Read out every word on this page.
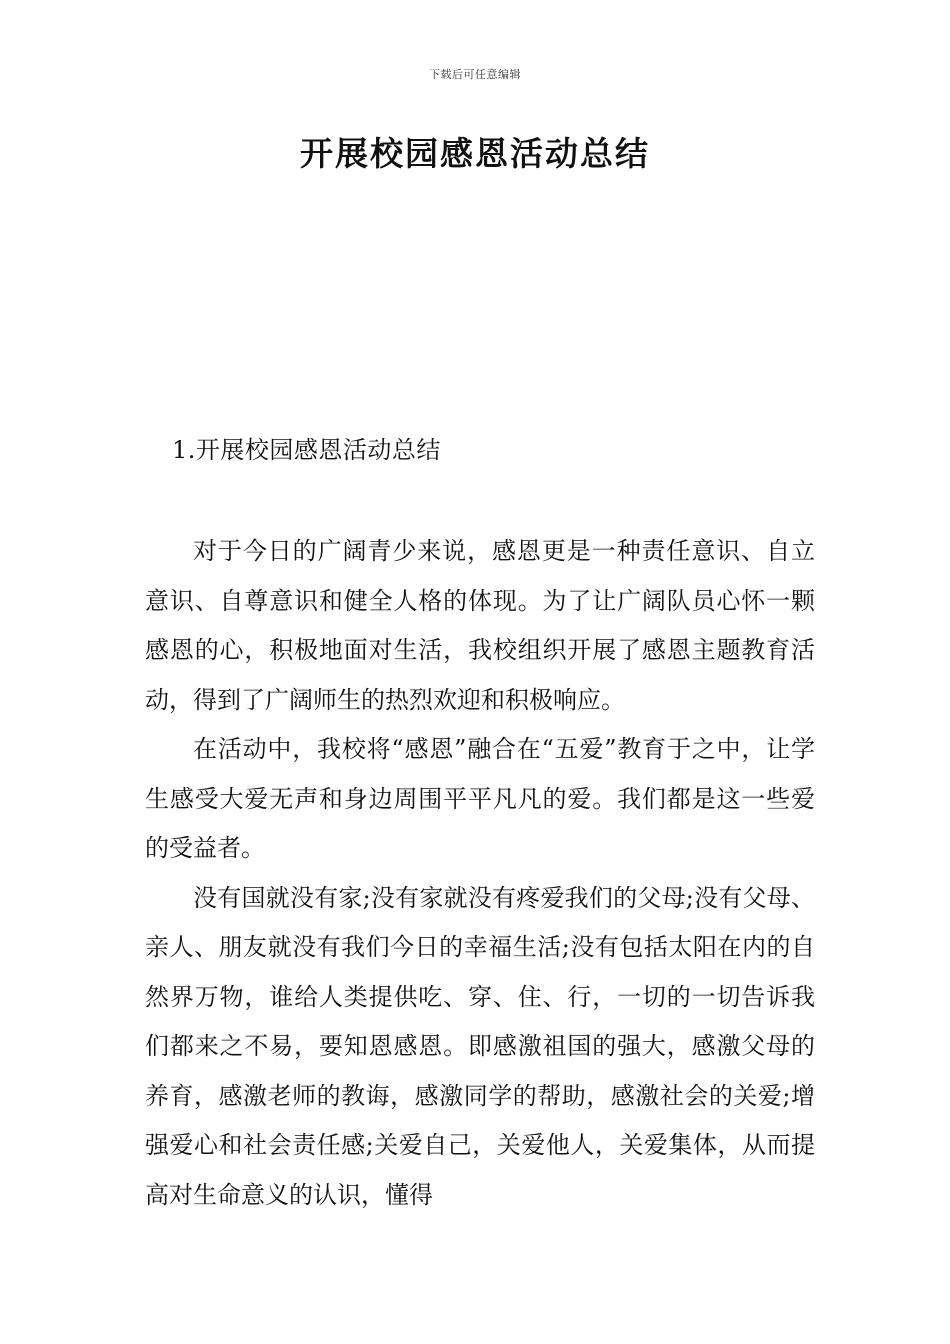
下载后可任意编辑
开展校园感恩活动总结
1.开展校园感恩活动总结

对于今日的广阔青少来说，感恩更是一种责任意识、自立意识、自尊意识和健全人格的体现。为了让广阔队员心怀一颗感恩的心，积极地面对生活，我校组织开展了感恩主题教育活动，得到了广阔师生的热烈欢迎和积极响应。

在活动中，我校将“感恩”融合在“五爱”教育于之中，让学生感受大爱无声和身边周围平平凡凡的爱。我们都是这一些爱的受益者。

没有国就没有家;没有家就没有疼爱我们的父母;没有父母、亲人、朋友就没有我们今日的幸福生活;没有包括太阳在内的自然界万物，谁给人类提供吃、穿、住、行，一切的一切告诉我们都来之不易，要知恩感恩。即感激祖国的强大，感激父母的养育，感激老师的教诲，感激同学的帮助，感激社会的关爱;增强爱心和社会责任感;关爱自己，关爱他人，关爱集体，从而提高对生命意义的认识，懂得
